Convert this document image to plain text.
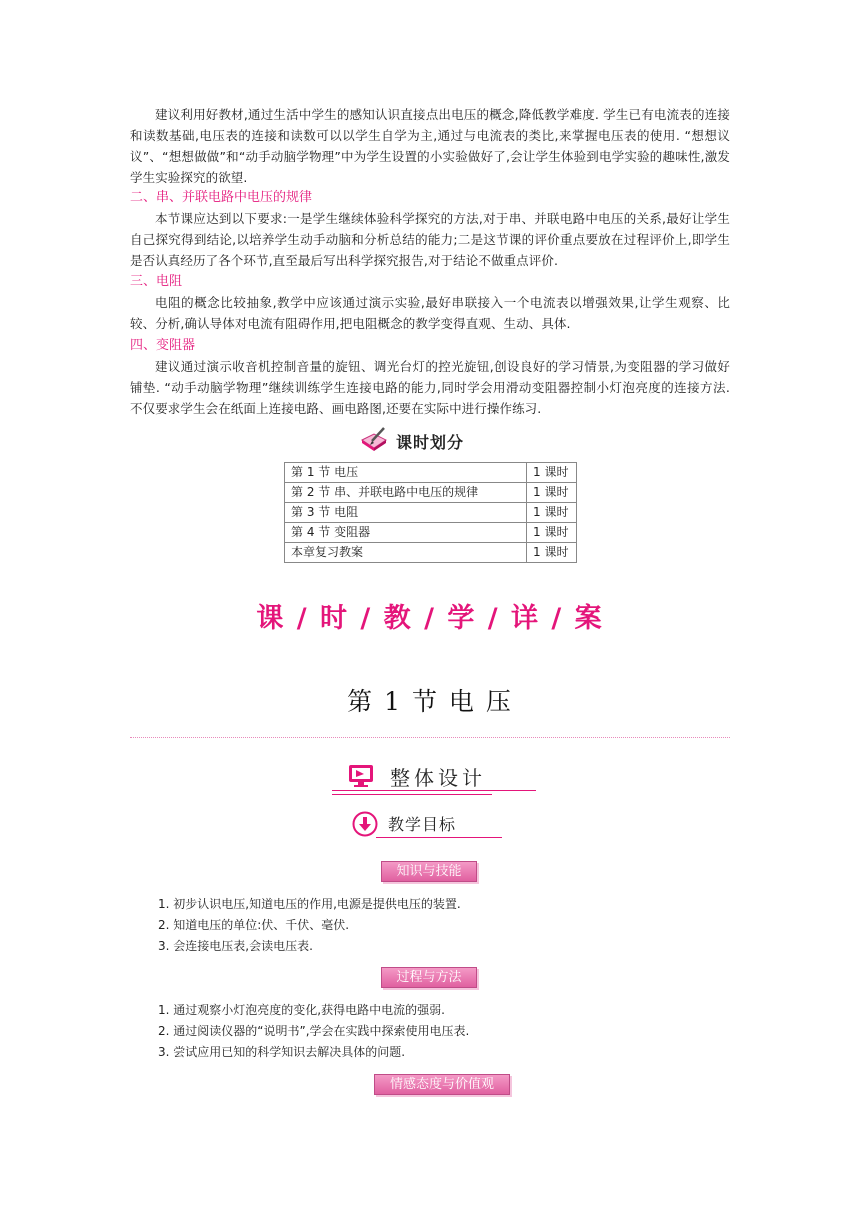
建议利用好教材,通过生活中学生的感知认识直接点出电压的概念,降低教学难度. 学生已有电流表的连接和读数基础,电压表的连接和读数可以以学生自学为主,通过与电流表的类比,来掌握电压表的使用. “想想议议”、“想想做做”和“动手动脑学物理”中为学生设置的小实验做好了,会让学生体验到电学实验的趣味性,激发学生实验探究的欲望.

二、串、并联电路中电压的规律

本节课应达到以下要求:一是学生继续体验科学探究的方法,对于串、并联电路中电压的关系,最好让学生自己探究得到结论,以培养学生动手动脑和分析总结的能力;二是这节课的评价重点要放在过程评价上,即学生是否认真经历了各个环节,直至最后写出科学探究报告,对于结论不做重点评价.

三、电阻

电阻的概念比较抽象,教学中应该通过演示实验,最好串联接入一个电流表以增强效果,让学生观察、比较、分析,确认导体对电流有阻碍作用,把电阻概念的教学变得直观、生动、具体.

四、变阻器

建议通过演示收音机控制音量的旋钮、调光台灯的控光旋钮,创设良好的学习情景,为变阻器的学习做好铺垫. “动手动脑学物理”继续训练学生连接电路的能力,同时学会用滑动变阻器控制小灯泡亮度的连接方法. 不仅要求学生会在纸面上连接电路、画电路图,还要在实际中进行操作练习.

课时划分
第 1 节 电压	1 课时
第 2 节 串、并联电路中电压的规律	1 课时
第 3 节 电阻	1 课时
第 4 节 变阻器	1 课时
本章复习教案	1 课时
课 / 时 / 教 / 学 / 详 / 案
第 1 节 电 压
整体设计
教学目标
知识与技能
1. 初步认识电压,知道电压的作用,电源是提供电压的装置.
2. 知道电压的单位:伏、千伏、毫伏.
3. 会连接电压表,会读电压表.
过程与方法
1. 通过观察小灯泡亮度的变化,获得电路中电流的强弱.
2. 通过阅读仪器的“说明书”,学会在实践中探索使用电压表.
3. 尝试应用已知的科学知识去解决具体的问题.
情感态度与价值观
